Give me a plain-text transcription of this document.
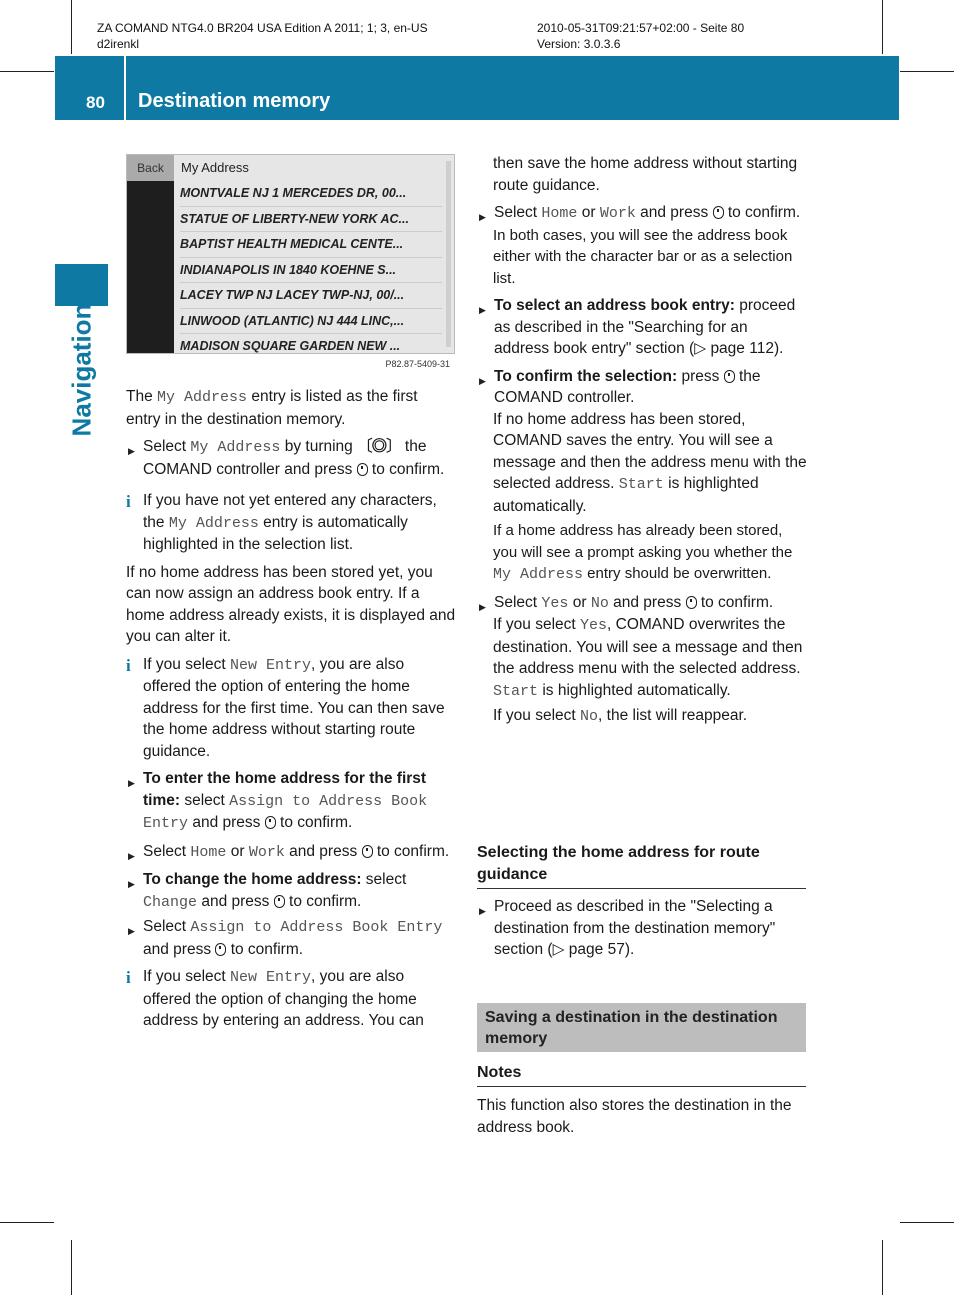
ZA COMAND NTG4.0 BR204 USA Edition A 2011; 1; 3, en-US
d2irenkl
2010-05-31T09:21:57+02:00 - Seite 80
Version: 3.0.3.6
80 Destination memory
Navigation
Back	My Address
MONTVALE NJ 1 MERCEDES DR, 00...
STATUE OF LIBERTY-NEW YORK AC...
BAPTIST HEALTH MEDICAL CENTE...
INDIANAPOLIS IN 1840 KOEHNE S...
LACEY TWP NJ LACEY TWP-NJ, 00/...
LINWOOD (ATLANTIC) NJ 444 LINC,...
MADISON SQUARE GARDEN NEW ...
P82.87-5409-31

The My Address entry is listed as the first entry in the destination memory.

▶ Select My Address by turning 〔◎〕 the COMAND controller and press  to confirm.

i If you have not yet entered any characters, the My Address entry is automatically highlighted in the selection list.

If no home address has been stored yet, you can now assign an address book entry. If a home address already exists, it is displayed and you can alter it.

i If you select New Entry, you are also offered the option of entering the home address for the first time. You can then save the home address without starting route guidance.

▶ To enter the home address for the first time: select Assign to Address Book Entry and press  to confirm.

▶ Select Home or Work and press  to confirm.

▶ To change the home address: select Change and press  to confirm.

▶ Select Assign to Address Book Entry and press  to confirm.

i If you select New Entry, you are also offered the option of changing the home address by entering an address. You can

then save the home address without starting route guidance.

▶ Select Home or Work and press  to confirm.

In both cases, you will see the address book either with the character bar or as a selection list.

▶ To select an address book entry: proceed as described in the "Searching for an address book entry" section (▷ page 112).

▶ To confirm the selection: press  the COMAND controller.

If no home address has been stored, COMAND saves the entry. You will see a message and then the address menu with the selected address. Start is highlighted automatically.

If a home address has already been stored, you will see a prompt asking you whether the My Address entry should be overwritten.

▶ Select Yes or No and press  to confirm.

If you select Yes, COMAND overwrites the destination. You will see a message and then the address menu with the selected address. Start is highlighted automatically.

If you select No, the list will reappear.

Selecting the home address for route guidance

▶ Proceed as described in the "Selecting a destination from the destination memory" section (▷ page 57).

Saving a destination in the destination memory
Notes
This function also stores the destination in the address book.
